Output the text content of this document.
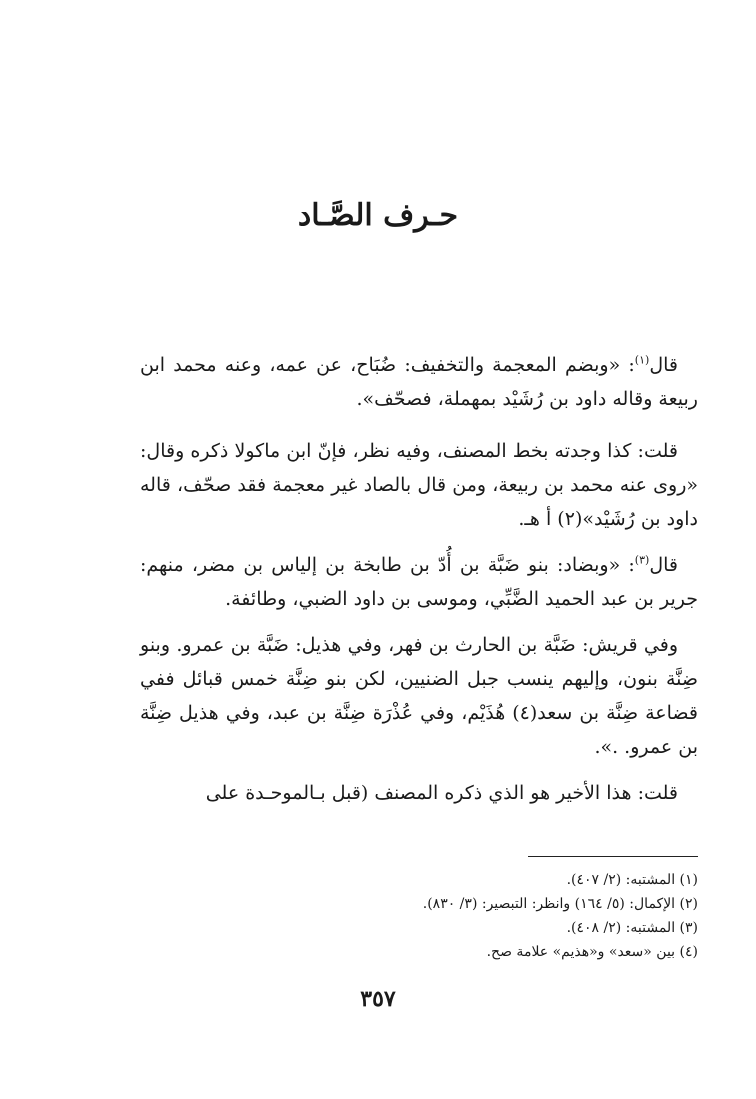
حـرف الصَّـاد

قال$^{(١)}$: «وبضم المعجمة والتخفيف: ضُبَاح، عن عمه، وعنه محمد ابن ربيعة وقاله داود بن رُشَيْد بمهملة، فصحّف».

قلت: كذا وجدته بخط المصنف، وفيه نظر، فإنّ ابن ماكولا ذكره وقال: «روى عنه محمد بن ربيعة، ومن قال بالصاد غير معجمة فقد صحّف، قاله داود بن رُشَيْد»(٢) أ هـ.

قال$^{(٣)}$: «وبضاد: بنو ضَبَّة بن أُدّ بن طابخة بن إلياس بن مضر، منهم: جرير بن عبد الحميد الضَّبِّي، وموسى بن داود الضبي، وطائفة.

وفي قريش: ضَبَّة بن الحارث بن فهر، وفي هذيل: ضَبَّة بن عمرو. وبنو ضِنَّة بنون، وإليهم ينسب جبل الضنيين، لكن بنو ضِنَّة خمس قبائل ففي قضاعة ضِنَّة بن سعد(٤) هُذَيْم، وفي عُذْرَة ضِنَّة بن عبد، وفي هذيل ضِنَّة بن عمرو. .».

قلت: هذا الأخير هو الذي ذكره المصنف (قبل بـالموحـدة على

(١) المشتبه: (٢/ ٤٠٧).
(٢) الإكمال: (٥/ ١٦٤) وانظر: التبصير: (٣/ ٨٣٠).
(٣) المشتبه: (٢/ ٤٠٨).
(٤) بين «سعد» و«هذيم» علامة صح.
٣٥٧
